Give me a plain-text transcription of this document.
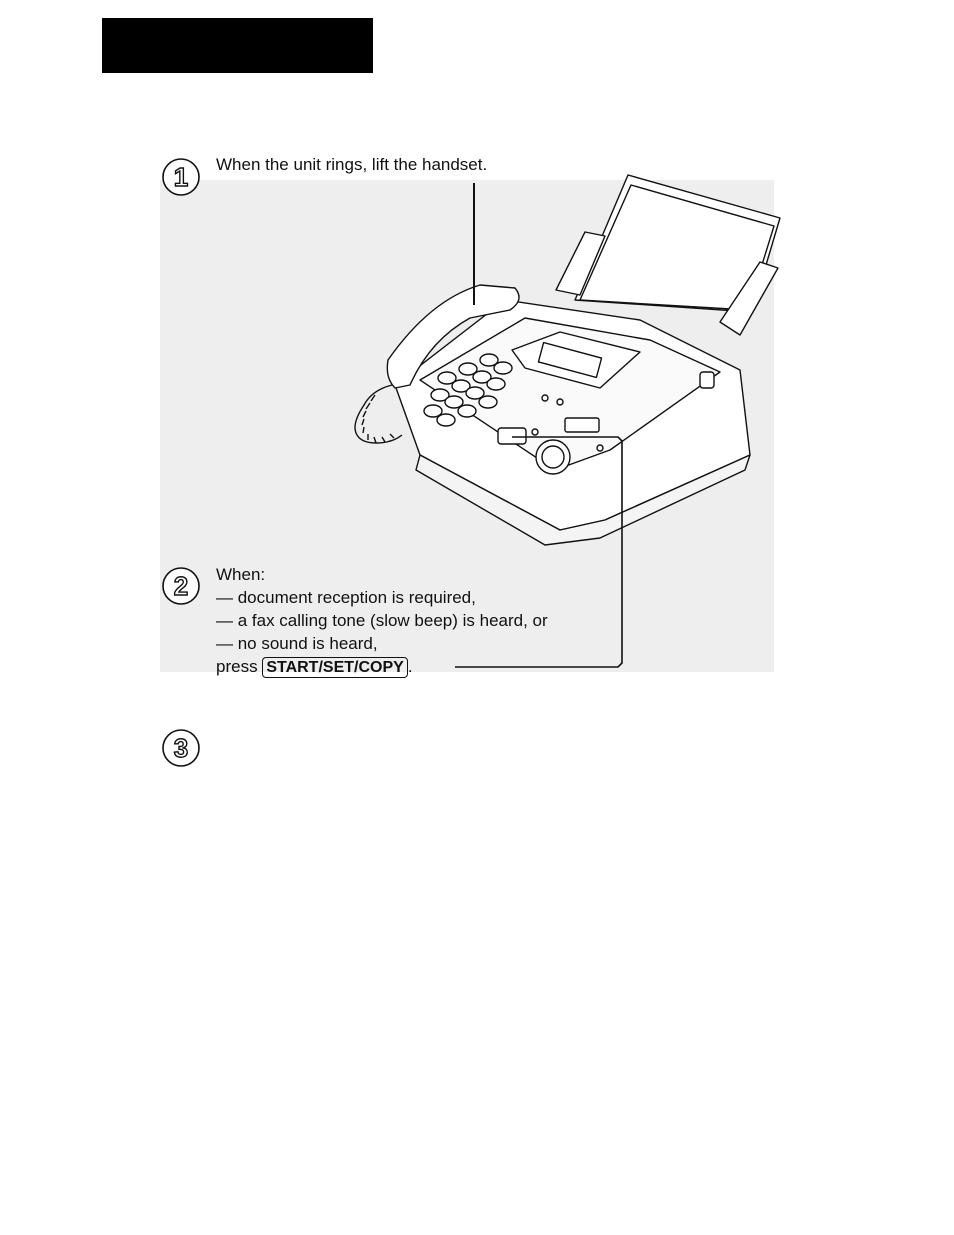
1
2
3
When the unit rings, lift the handset.
When:
— document reception is required,
— a fax calling tone (slow beep) is heard, or
— no sound is heard,
press START/SET/COPY .
